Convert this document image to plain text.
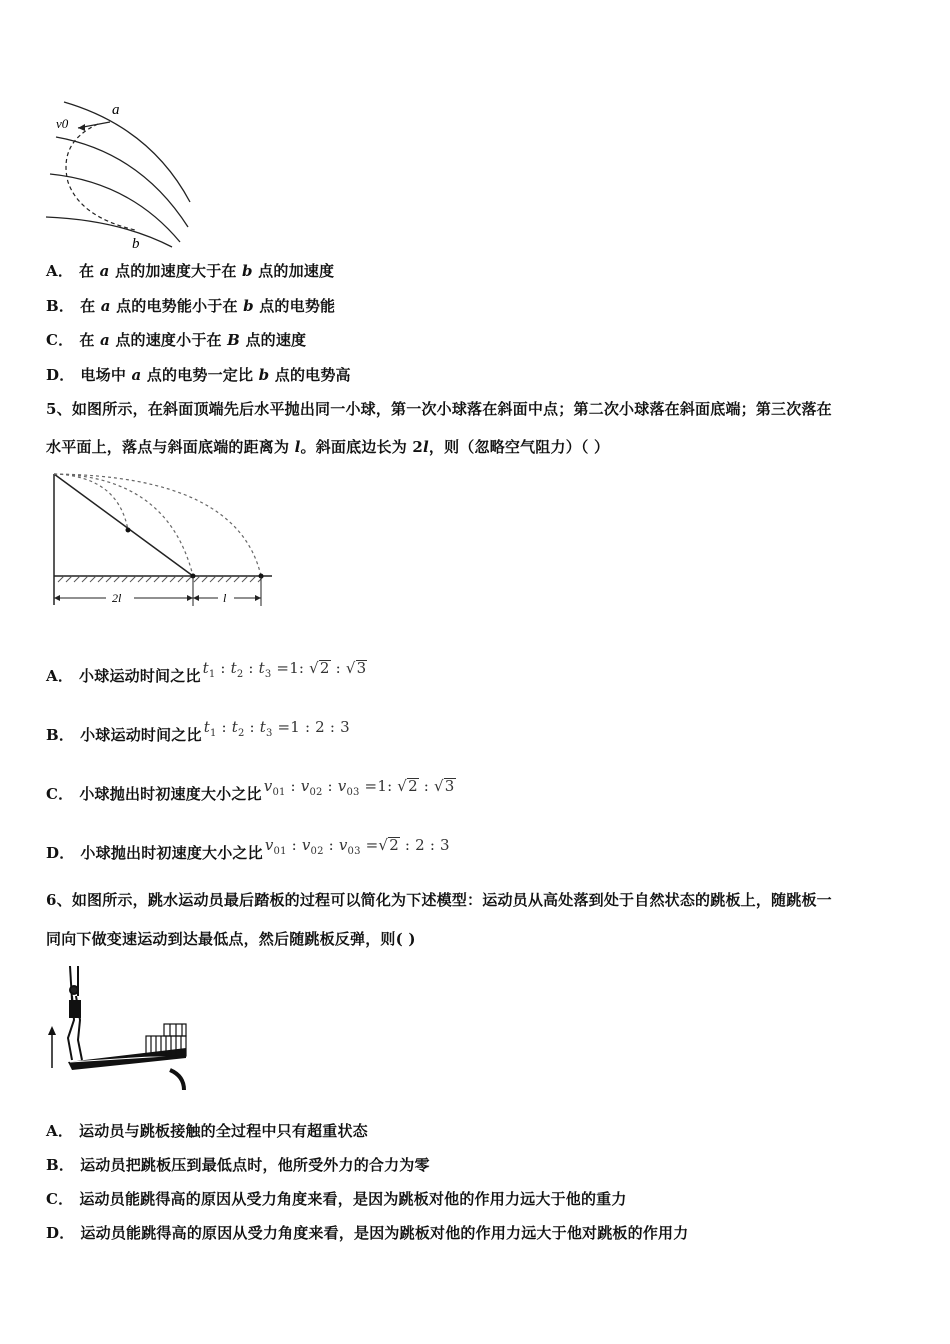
a
v0
b
A． 在 a 点的加速度大于在 b 点的加速度
B． 在 a 点的电势能小于在 b 点的电势能
C． 在 a 点的速度小于在 B 点的速度
D． 电场中 a 点的电势一定比 b 点的电势高
5、如图所示，在斜面顶端先后水平抛出同一小球，第一次小球落在斜面中点；第二次小球落在斜面底端；第三次落在
水平面上，落点与斜面底端的距离为 l。斜面底边长为 2l，则（忽略空气阻力）（ ）
2l	l
A． 小球运动时间之比 $t_1$ : $t_2$ : $t_3 =1$: √2 : √3
B． 小球运动时间之比 $t_1$ : $t_2$ : $t_3 =1$ : 2 : 3
C． 小球抛出时初速度大小之比 $v_{01}$ : $v_{02}$ : $v_{03} =1$: √2 : √3
D． 小球抛出时初速度大小之比 $v_{01}$ : $v_{02}$ : $v_{03} =√2$ : 2 : 3
6、如图所示，跳水运动员最后踏板的过程可以简化为下述模型：运动员从高处落到处于自然状态的跳板上，随跳板一
同向下做变速运动到达最低点，然后随跳板反弹，则( )
A． 运动员与跳板接触的全过程中只有超重状态
B． 运动员把跳板压到最低点时，他所受外力的合力为零
C． 运动员能跳得高的原因从受力角度来看，是因为跳板对他的作用力远大于他的重力
D． 运动员能跳得高的原因从受力角度来看，是因为跳板对他的作用力远大于他对跳板的作用力
